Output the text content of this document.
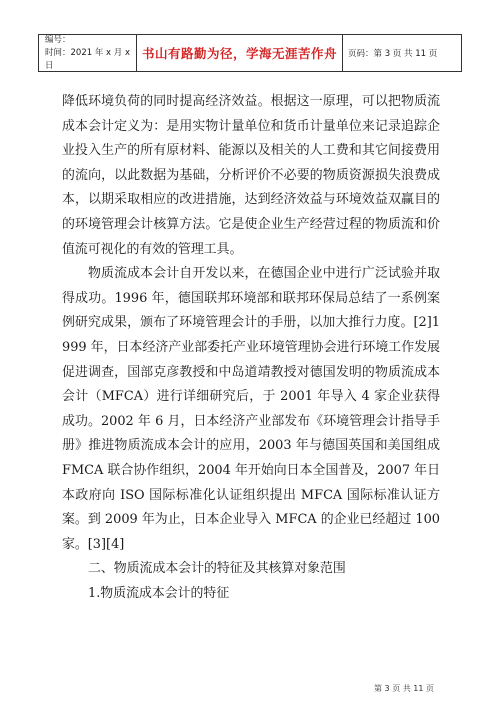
编号：
时间：2021 年 x 月 x 日
书山有路勤为径，学海无涯苦作舟 页码：第 3 页 共 11 页

降低环境负荷的同时提高经济效益。根据这一原理，可以把物质流成本会计定义为：是用实物计量单位和货币计量单位来记录追踪企业投入生产的所有原材料、能源以及相关的人工费和其它间接费用的流向，以此数据为基础，分析评价不必要的物质资源损失浪费成本，以期采取相应的改进措施，达到经济效益与环境效益双赢目的的环境管理会计核算方法。它是使企业生产经营过程的物质流和价值流可视化的有效的管理工具。

物质流成本会计自开发以来，在德国企业中进行广泛试验并取得成功。1996 年，德国联邦环境部和联邦环保局总结了一系例案例研究成果，颁布了环境管理会计的手册，以加大推行力度。[2]1999 年，日本经济产业部委托产业环境管理协会进行环境工作发展促进调查，国部克彦教授和中岛道靖教授对德国发明的物质流成本会计（MFCA）进行详细研究后，于 2001 年导入 4 家企业获得成功。2002 年 6 月，日本经济产业部发布《环境管理会计指导手册》推进物质流成本会计的应用，2003 年与德国英国和美国组成 FMCA 联合协作组织，2004 年开始向日本全国普及，2007 年日本政府向 ISO 国际标准化认证组织提出 MFCA 国际标准认证方案。到 2009 年为止，日本企业导入 MFCA 的企业已经超过 100 家。[3][4]

二、物质流成本会计的特征及其核算对象范围

1.物质流成本会计的特征

第 3 页 共 11 页
